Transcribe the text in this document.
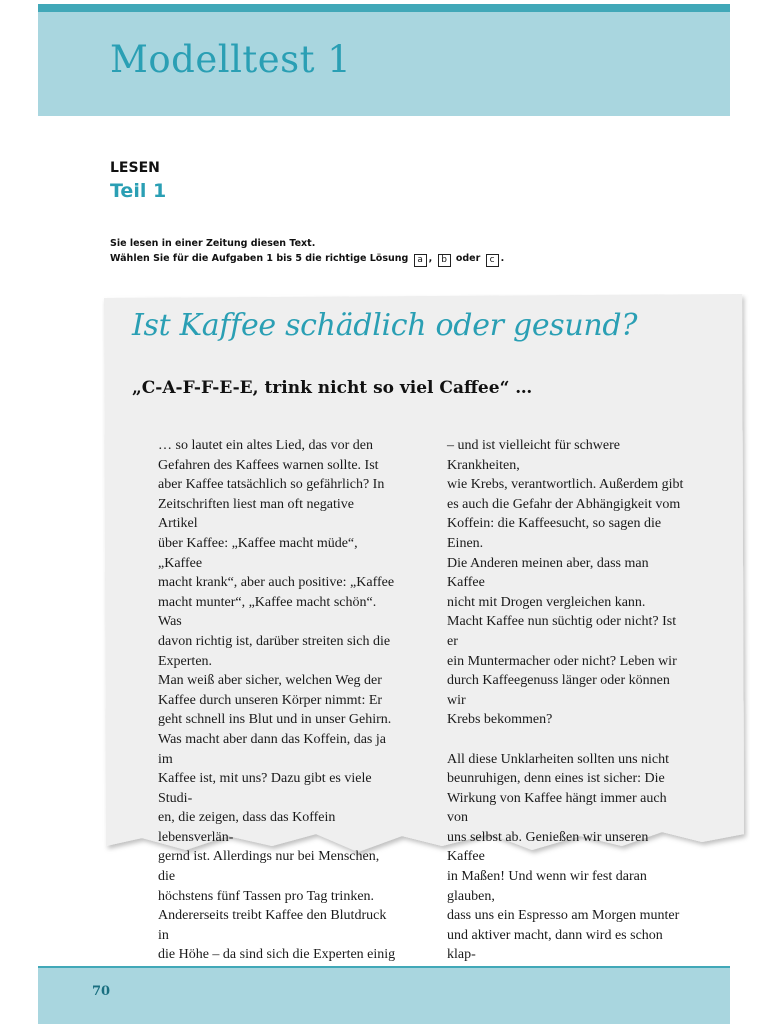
Modelltest 1
LESEN
Teil 1
Sie lesen in einer Zeitung diesen Text.
Wählen Sie für die Aufgaben 1 bis 5 die richtige Lösung a , b oder c .
Ist Kaffee schädlich oder gesund?
„C-A-F-F-E-E, trink nicht so viel Caffee“ …

… so lautet ein altes Lied, das vor den

Gefahren des Kaffees warnen sollte. Ist

aber Kaffee tatsächlich so gefährlich? In

Zeitschriften liest man oft negative Artikel

über Kaffee: „Kaffee macht müde“, „Kaffee

macht krank“, aber auch positive: „Kaffee

macht munter“, „Kaffee macht schön“. Was

davon richtig ist, darüber streiten sich die

Experten.

Man weiß aber sicher, welchen Weg der

Kaffee durch unseren Körper nimmt: Er

geht schnell ins Blut und in unser Gehirn.

Was macht aber dann das Koffein, das ja im

Kaffee ist, mit uns? Dazu gibt es viele Studi-

en, die zeigen, dass das Koffein lebensverlän-

gernd ist. Allerdings nur bei Menschen, die

höchstens fünf Tassen pro Tag trinken.

Andererseits treibt Kaffee den Blutdruck in

die Höhe – da sind sich die Experten einig

– und ist vielleicht für schwere Krankheiten,

wie Krebs, verantwortlich. Außerdem gibt

es auch die Gefahr der Abhängigkeit vom

Koffein: die Kaffeesucht, so sagen die Einen.

Die Anderen meinen aber, dass man Kaffee

nicht mit Drogen vergleichen kann.

Macht Kaffee nun süchtig oder nicht? Ist er

ein Muntermacher oder nicht? Leben wir

durch Kaffeegenuss länger oder können wir

Krebs bekommen?

All diese Unklarheiten sollten uns nicht

beunruhigen, denn eines ist sicher: Die

Wirkung von Kaffee hängt immer auch von

uns selbst ab. Genießen wir unseren Kaffee

in Maßen! Und wenn wir fest daran glauben,

dass uns ein Espresso am Morgen munter

und aktiver macht, dann wird es schon klap-

70
